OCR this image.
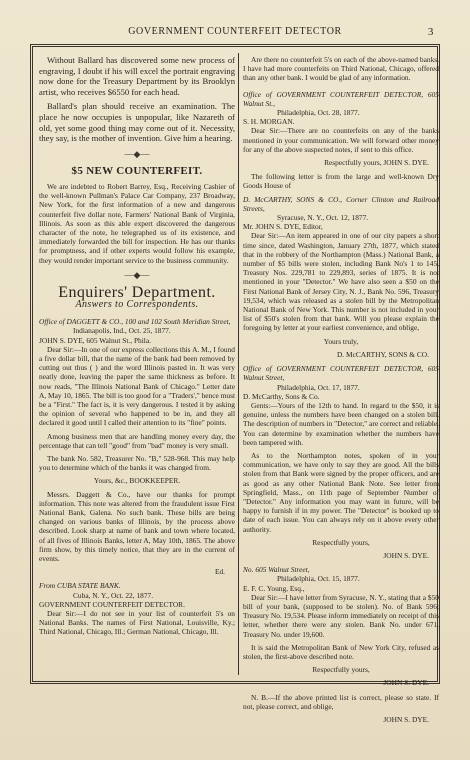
GOVERNMENT COUNTERFEIT DETECTOR	3

Without Ballard has discovered some new process of engraving, I doubt if his will excel the portrait engraving now done for the Treasury Department by its Brooklyn artist, who receives $6550 for each head.

Ballard's plan should receive an examination. The place he now occupies is unpopular, like Nazareth of old, yet some good thing may come out of it. Necessity, they say, is the mother of invention. Give him a hearing.

—◆—
$5 NEW COUNTERFEIT.

We are indebted to Robert Barrey, Esq., Receiving Cashier of the well-known Pullman's Palace Car Company, 237 Broadway, New York, for the first information of a new and dangerous counterfeit five dollar note, Farmers' National Bank of Virginia, Illinois. As soon as this able expert discovered the dangerous character of the note, he telegraphed us of its existence, and immediately forwarded the bill for inspection. He has our thanks for promptness, and if other experts would follow his example, they would render important service to the business community.

—◆—
Enquirers' Department.
Answers to Correspondents.

Office of DAGGETT & CO., 100 and 102 South Meridian Street,

Indianapolis, Ind., Oct. 25, 1877.

JOHN S. DYE, 605 Walnut St., Phila.

Dear Sir:—In one of our express collections this A. M., I found a five dollar bill, that the name of the bank had been removed by cutting out thus ( ) and the word Illinois pasted in. It was very neatly done, leaving the paper the same thickness as before. It now reads, "The Illinois National Bank of Chicago." Letter date A, May 10, 1865. The bill is too good for a "Traders'," hence must be a "First." The fact is, it is very dangerous. I tested it by asking the opinion of several who happened to be in, and they all declared it good until I called their attention to its "fine" points.

Among business men that are handling money every day, the percentage that can tell "good" from "bad" money is very small.

The bank No. 582, Treasurer No. "B," 528-968. This may help you to determine which of the banks it was changed from.

Yours, &c., BOOKKEEPER.

Messrs. Daggett & Co., have our thanks for prompt information. This note was altered from the fraudulent issue First National Bank, Galena. No such bank. These bills are being changed on various banks of Illinois, by the process above described. Look sharp at name of bank and town where located, of all fives of Illinois Banks, letter A, May 10th, 1865. The above firm show, by this timely notice, that they are in the current of events.

Ed.

From CUBA STATE BANK.

Cuba, N. Y., Oct. 22, 1877.

GOVERNMENT COUNTERFEIT DETECTOR.

Dear Sir:—I do not see in your list of counterfeit 5's on National Banks. The names of First National, Louisville, Ky.; Third National, Chicago, Ill.; German National, Chicago, Ill.

Are there no counterfeit 5's on each of the above-named banks. I have had more counterfeits on Third National, Chicago, offered than any other bank. I would be glad of any information.

Office of GOVERNMENT COUNTERFEIT DETECTOR, 605 Walnut St.,

Philadelphia, Oct. 28, 1877.

S. H. MORGAN.

Dear Sir:—There are no counterfeits on any of the banks mentioned in your communication. We will forward other money for any of the above suspected notes, if sent to this office.

Respectfully yours, JOHN S. DYE.

The following letter is from the large and well-known Dry Goods House of

D. McCARTHY, SONS & CO., Corner Clinton and Railroad Streets,

Syracuse, N. Y., Oct. 12, 1877.

Mr. JOHN S. DYE, Editor,

Dear Sir:—An item appeared in one of our city papers a short time since, dated Washington, January 27th, 1877, which stated that in the robbery of the Northampton (Mass.) National Bank, a number of $5 bills were stolen, including Bank No's 1 to 145, Treasury Nos. 229,781 to 229,893, series of 1875. It is not mentioned in your "Detector." We have also seen a $50 on the First National Bank of Jersey City, N. J., Bank No. 596, Treasury 19,534, which was released as a stolen bill by the Metropolitan National Bank of New York. This number is not included in your list of $50's stolen from that bank. Will you please explain the foregoing by letter at your earliest convenience, and oblige,

Yours truly,

D. McCARTHY, SONS & CO.

Office of GOVERNMENT COUNTERFEIT DETECTOR, 605 Walnut Street,

Philadelphia, Oct. 17, 1877.

D. McCarthy, Sons & Co.

Gents:—Yours of the 12th to hand. In regard to the $50, it is genuine, unless the numbers have been changed on a stolen bill. The description of numbers in "Detector," are correct and reliable. You can determine by examination whether the numbers have been tampered with.

As to the Northampton notes, spoken of in your communication, we have only to say they are good. All the bills stolen from that Bank were signed by the proper officers, and are as good as any other National Bank Note. See letter from Springfield, Mass., on 11th page of September Number of "Detector." Any information you may want in future, will be happy to furnish if in my power. The "Detector" is booked up to date of each issue. You can always rely on it above every other authority.

Respectfully yours,

JOHN S. DYE.

No. 605 Walnut Street,

Philadelphia, Oct. 15, 1877.

E. F. C. Young, Esq.,

Dear Sir:—I have letter from Syracuse, N. Y., stating that a $50 bill of your bank, (supposed to be stolen). No. of Bank 596; Treasury No. 19,534. Please inform immediately on receipt of this letter, whether there were any stolen. Bank No. under 671. Treasury No. under 19,600.

It is said the Metropolitan Bank of New York City, refused as stolen, the first-above described note.

Respectfully yours,

JOHN S. DYE.

N. B.—If the above printed list is correct, please so state. If not, please correct, and oblige,

JOHN S. DYE.
